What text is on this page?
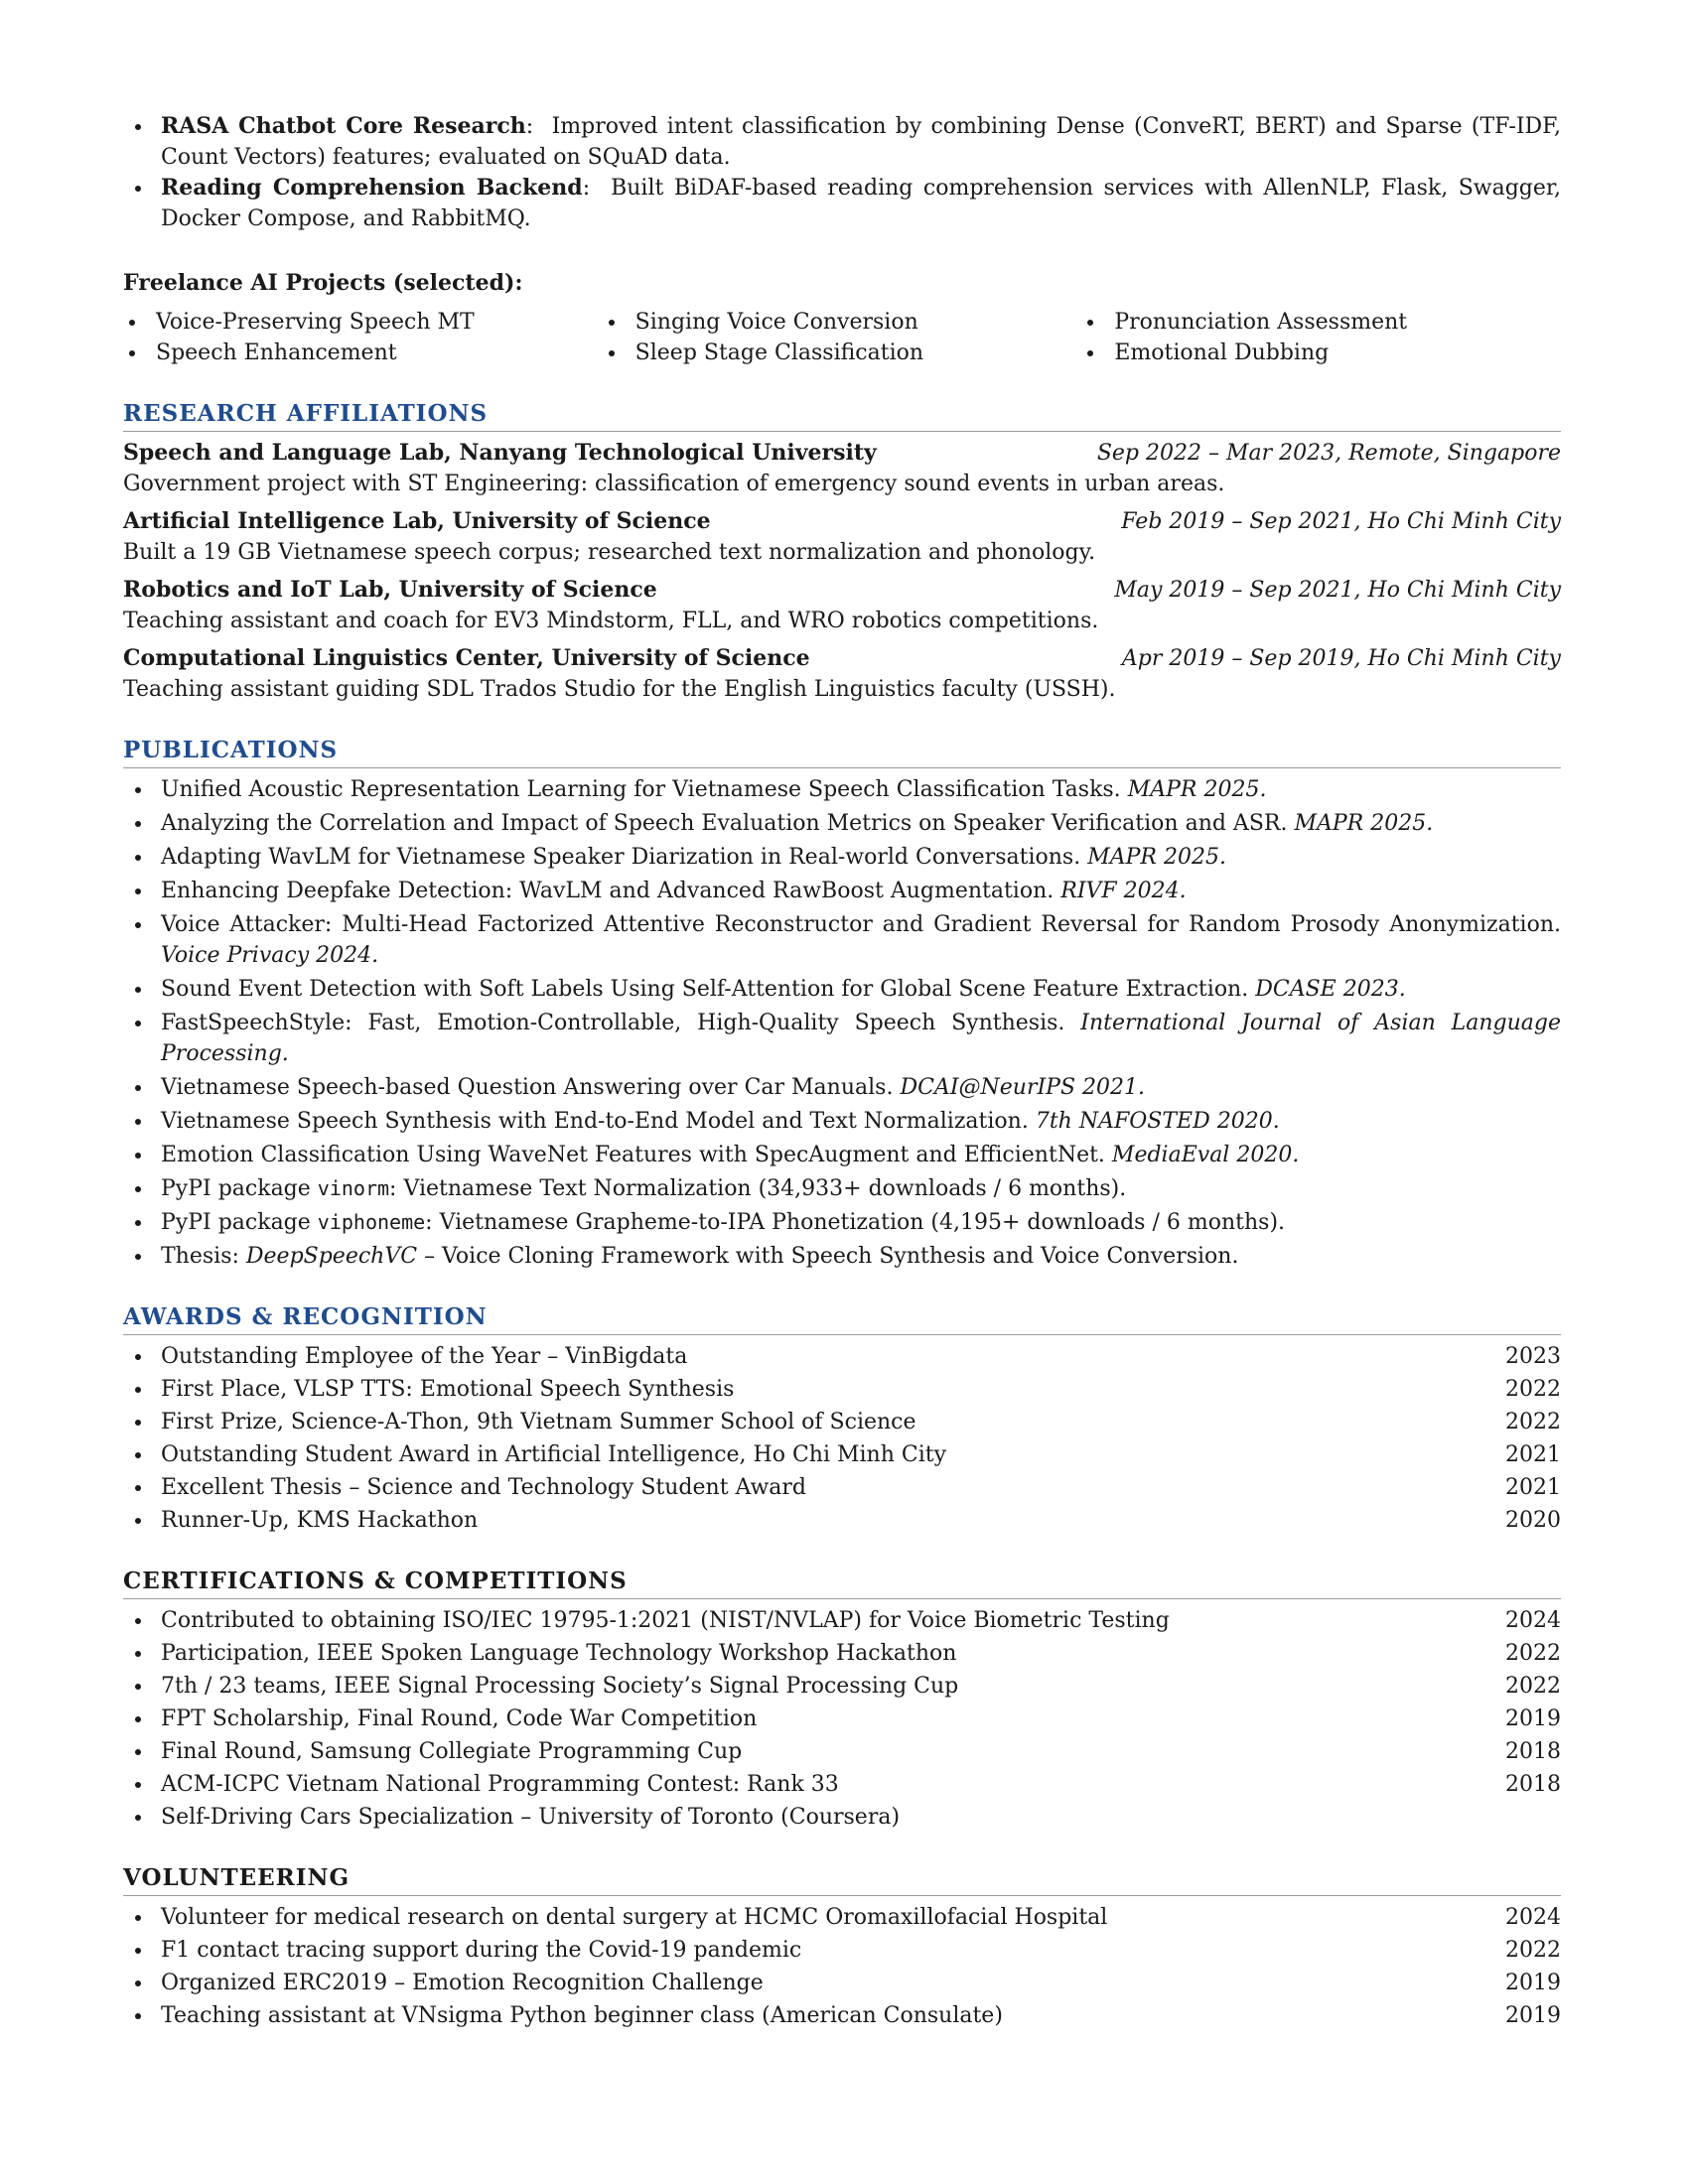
RASA Chatbot Core Research:  Improved intent classification by combining Dense (ConveRT, BERT) and Sparse (TF-IDF, Count Vectors) features; evaluated on SQuAD data.
Reading Comprehension Backend:  Built BiDAF-based reading comprehension services with AllenNLP, Flask, Swagger, Docker Compose, and RabbitMQ.
Freelance AI Projects (selected):
Voice-Preserving Speech MT
Speech Enhancement
Singing Voice Conversion
Sleep Stage Classification
Pronunciation Assessment
Emotional Dubbing
RESEARCH AFFILIATIONS
Speech and Language Lab, Nanyang Technological University	Sep 2022 – Mar 2023, Remote, Singapore
Government project with ST Engineering: classification of emergency sound events in urban areas.
Artificial Intelligence Lab, University of Science	Feb 2019 – Sep 2021, Ho Chi Minh City
Built a 19 GB Vietnamese speech corpus; researched text normalization and phonology.
Robotics and IoT Lab, University of Science	May 2019 – Sep 2021, Ho Chi Minh City
Teaching assistant and coach for EV3 Mindstorm, FLL, and WRO robotics competitions.
Computational Linguistics Center, University of Science	Apr 2019 – Sep 2019, Ho Chi Minh City
Teaching assistant guiding SDL Trados Studio for the English Linguistics faculty (USSH).
PUBLICATIONS
Unified Acoustic Representation Learning for Vietnamese Speech Classification Tasks. MAPR 2025.
Analyzing the Correlation and Impact of Speech Evaluation Metrics on Speaker Verification and ASR. MAPR 2025.
Adapting WavLM for Vietnamese Speaker Diarization in Real-world Conversations. MAPR 2025.
Enhancing Deepfake Detection: WavLM and Advanced RawBoost Augmentation. RIVF 2024.
Voice Attacker: Multi-Head Factorized Attentive Reconstructor and Gradient Reversal for Random Prosody Anonymization. Voice Privacy 2024.
Sound Event Detection with Soft Labels Using Self-Attention for Global Scene Feature Extraction. DCASE 2023.
FastSpeechStyle: Fast, Emotion-Controllable, High-Quality Speech Synthesis. International Journal of Asian Language Processing.
Vietnamese Speech-based Question Answering over Car Manuals. DCAI@NeurIPS 2021.
Vietnamese Speech Synthesis with End-to-End Model and Text Normalization. 7th NAFOSTED 2020.
Emotion Classification Using WaveNet Features with SpecAugment and EfficientNet. MediaEval 2020.
PyPI package vinorm: Vietnamese Text Normalization (34,933+ downloads / 6 months).
PyPI package viphoneme: Vietnamese Grapheme-to-IPA Phonetization (4,195+ downloads / 6 months).
Thesis: DeepSpeechVC – Voice Cloning Framework with Speech Synthesis and Voice Conversion.
AWARDS & RECOGNITION
Outstanding Employee of the Year – VinBigdata	2023
First Place, VLSP TTS: Emotional Speech Synthesis	2022
First Prize, Science-A-Thon, 9th Vietnam Summer School of Science	2022
Outstanding Student Award in Artificial Intelligence, Ho Chi Minh City	2021
Excellent Thesis – Science and Technology Student Award	2021
Runner-Up, KMS Hackathon	2020
CERTIFICATIONS & COMPETITIONS
Contributed to obtaining ISO/IEC 19795-1:2021 (NIST/NVLAP) for Voice Biometric Testing	2024
Participation, IEEE Spoken Language Technology Workshop Hackathon	2022
7th / 23 teams, IEEE Signal Processing Society’s Signal Processing Cup	2022
FPT Scholarship, Final Round, Code War Competition	2019
Final Round, Samsung Collegiate Programming Cup	2018
ACM-ICPC Vietnam National Programming Contest: Rank 33	2018
Self-Driving Cars Specialization – University of Toronto (Coursera)
VOLUNTEERING
Volunteer for medical research on dental surgery at HCMC Oromaxillofacial Hospital	2024
F1 contact tracing support during the Covid-19 pandemic	2022
Organized ERC2019 – Emotion Recognition Challenge	2019
Teaching assistant at VNsigma Python beginner class (American Consulate)	2019
